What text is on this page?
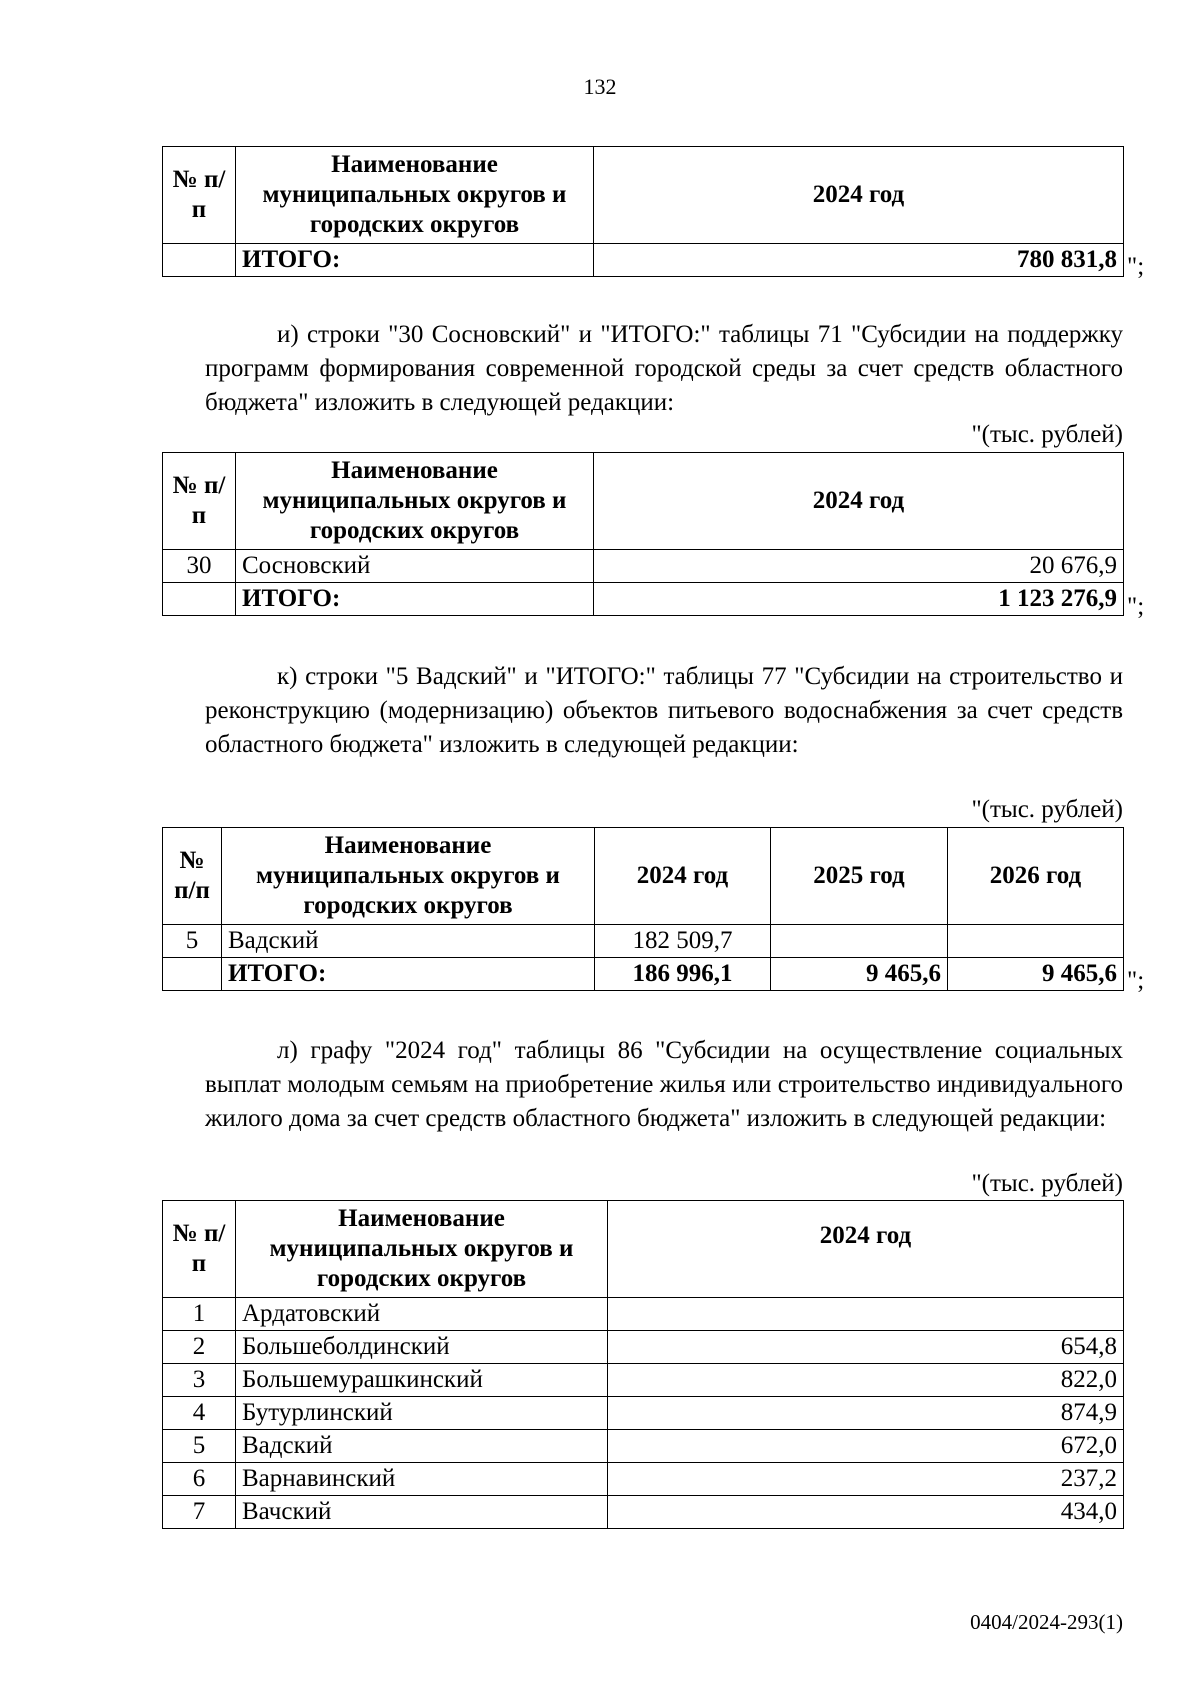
132
№ п/п	Наименование муниципальных округов и городских округов	2024 год
	ИТОГО:	780 831,8 ";

и) строки "30 Сосновский" и "ИТОГО:" таблицы 71 "Субсидии на поддержку программ формирования современной городской среды за счет средств областного бюджета" изложить в следующей редакции:

"(тыс. рублей)
№ п/п	Наименование муниципальных округов и городских округов	2024 год
30	Сосновский	20 676,9
	ИТОГО:	1 123 276,9 ";

к) строки "5 Вадский" и "ИТОГО:" таблицы 77 "Субсидии на строительство и реконструкцию (модернизацию) объектов питьевого водоснабжения за счет средств областного бюджета" изложить в следующей редакции:

"(тыс. рублей)
№ п/п	Наименование муниципальных округов и городских округов	2024 год	2025 год	2026 год
5	Вадский	182 509,7		
	ИТОГО:	186 996,1	9 465,6	9 465,6 ";

л) графу "2024 год" таблицы 86 "Субсидии на осуществление социальных выплат молодым семьям на приобретение жилья или строительство индивидуального жилого дома за счет средств областного бюджета" изложить в следующей редакции:

"(тыс. рублей)
№ п/п	Наименование муниципальных округов и городских округов	2024 год
1	Ардатовский	
2	Большеболдинский	654,8
3	Большемурашкинский	822,0
4	Бутурлинский	874,9
5	Вадский	672,0
6	Варнавинский	237,2
7	Вачский	434,0
0404/2024-293(1)
